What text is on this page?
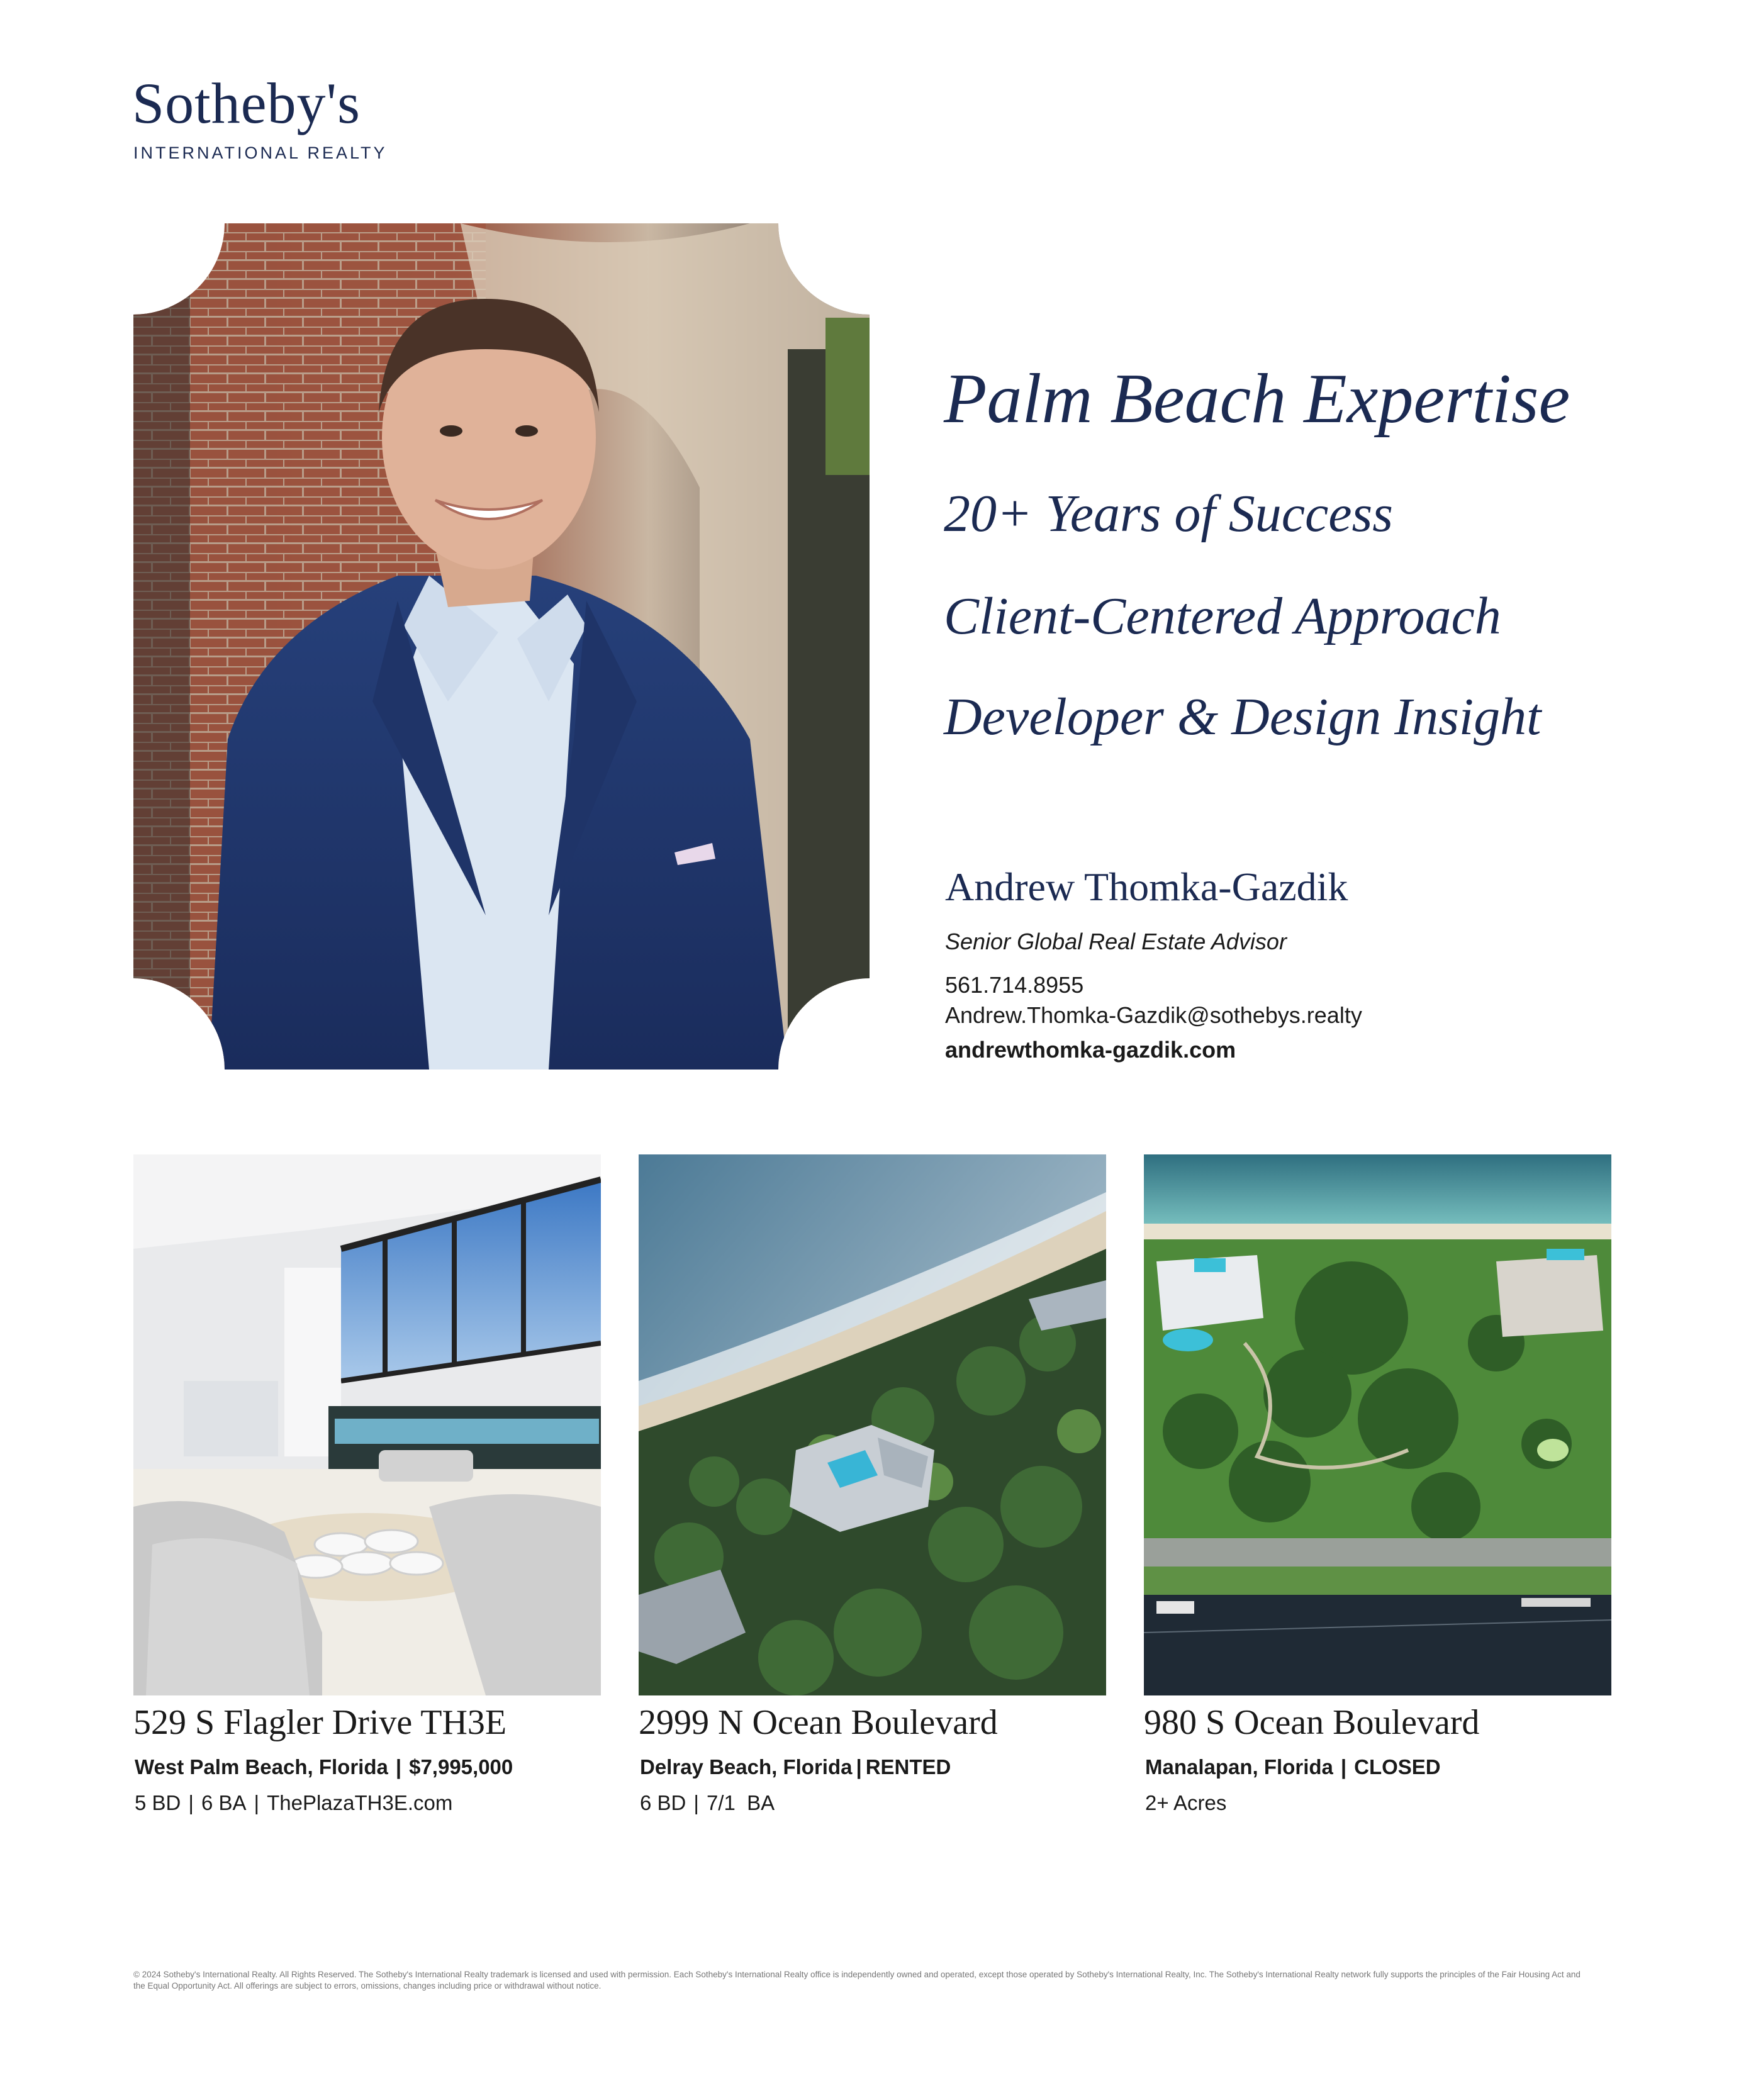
Sotheby's
INTERNATIONAL REALTY
Palm Beach Expertise
20+ Years of Success
Client-Centered Approach
Developer & Design Insight
Andrew Thomka-Gazdik
Senior Global Real Estate Advisor
561.714.8955
Andrew.Thomka-Gazdik@sothebys.realty
andrewthomka-gazdik.com
529 S Flagler Drive TH3E
West Palm Beach, Florida | $7,995,000
5 BD | 6 BA | ThePlazaTH3E.com
2999 N Ocean Boulevard
Delray Beach, Florida | RENTED
6 BD | 7/1  BA
980 S Ocean Boulevard
Manalapan, Florida | CLOSED
2+ Acres
© 2024 Sotheby's International Realty. All Rights Reserved. The Sotheby's International Realty trademark is licensed and used with permission. Each Sotheby's International Realty office is independently owned and operated, except those operated by Sotheby's International Realty, Inc. The Sotheby's International Realty network fully supports the principles of the Fair Housing Act and the Equal Opportunity Act. All offerings are subject to errors, omissions, changes including price or withdrawal without notice.
